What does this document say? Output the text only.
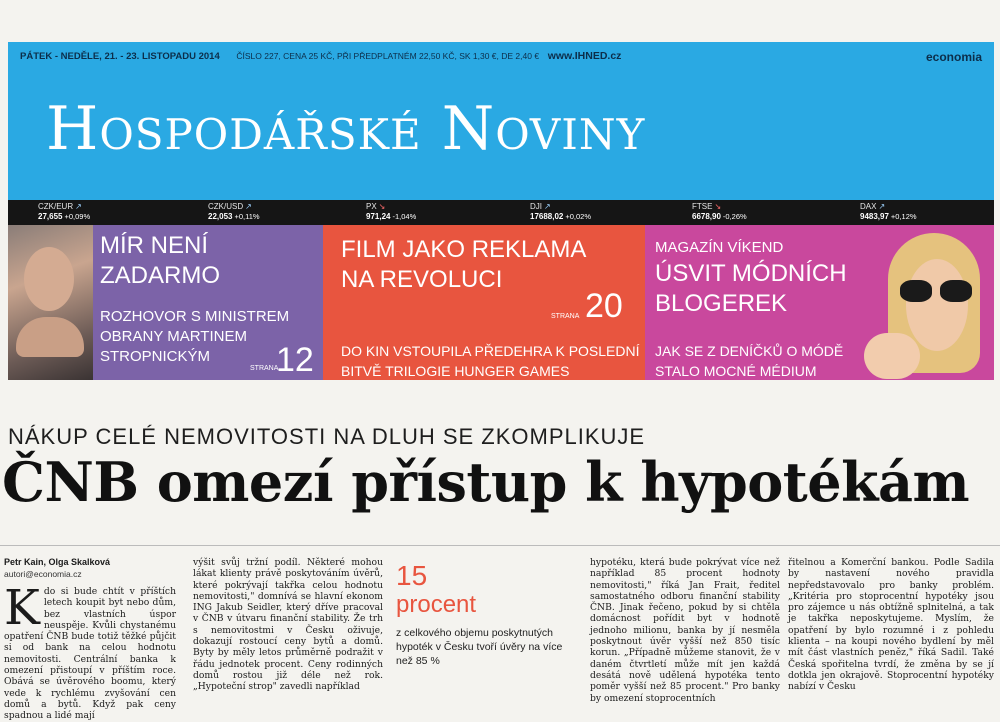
PÁTEK - NEDĚLE, 21. - 23. LISTOPADU 2014 ČÍSLO 227, CENA 25 KČ, PŘI PŘEDPLATNÉM 22,50 KČ, SK 1,30 €, DE 2,40 € www.IHNED.cz	economia
Hospodářské Noviny
CZK/EUR ↗
27,655 +0,09%
CZK/USD ↗
22,053 +0,11%
PX ↘
971,24 -1,04%
DJI ↗
17688,02 +0,02%
FTSE ↘
6678,90 -0,26%
DAX ↗
9483,97 +0,12%
MÍR NENÍ
ZADARMO
ROZHOVOR S MINISTREM
OBRANY MARTINEM
STROPNICKÝM
STRANA
12
FILM JAKO REKLAMA
NA REVOLUCI
STRANA 20
DO KIN VSTOUPILA PŘEDEHRA K POSLEDNÍ
BITVĚ TRILOGIE HUNGER GAMES
MAGAZÍN VÍKEND
ÚSVIT MÓDNÍCH
BLOGEREK
JAK SE Z DENÍČKŮ O MÓDĚ
STALO MOCNÉ MÉDIUM
NÁKUP CELÉ NEMOVITOSTI NA DLUH SE ZKOMPLIKUJE
ČNB omezí přístup k hypotékám
Petr Kain, Olga Skalková
autori@economia.cz
Kdo si bude chtít v příštích letech koupit byt nebo dům, bez vlastních úspor neuspěje. Kvůli chystanému opatření ČNB bude totiž těžké půjčit si od bank na celou hodnotu nemovitosti. Centrální banka k omezení přistoupí v příštím roce. Obává se úvěrového boomu, který vede k rychlému zvyšování cen domů a bytů. Když pak ceny spadnou a lidé mají
výšit svůj tržní podíl. Některé mohou lákat klienty právě poskytováním úvěrů, které pokrývají takřka celou hodnotu nemovitosti," domnívá se hlavní ekonom ING Jakub Seidler, který dříve pracoval v ČNB v útvaru finanční stability. Že trh s nemovitostmi v Česku oživuje, dokazují rostoucí ceny bytů a domů. Byty by měly letos průměrně podražit v řádu jednotek procent. Ceny rodinných domů rostou již déle než rok. „Hypoteční strop" zavedli například
15
procent
z celkového objemu poskytnutých hypoték v Česku tvoří úvěry na více než 85 %
hypotéku, která bude pokrývat více než například 85 procent hodnoty nemovitosti," říká Jan Frait, ředitel samostatného odboru finanční stability ČNB. Jinak řečeno, pokud by si chtěla domácnost pořídit byt v hodnotě jednoho milionu, banka by jí nesměla poskytnout úvěr vyšší než 850 tisíc korun. „Případně můžeme stanovit, že v daném čtvrtletí může mít jen každá desátá nově udělená hypotéka tento poměr vyšší než 85 procent." Pro banky by omezení stoprocentních
řitelnou a Komerční bankou. Podle Sadila by nastavení nového pravidla nepředstavovalo pro banky problém. „Kritéria pro stoprocentní hypotéky jsou pro zájemce u nás obtížně splnitelná, a tak je takřka neposkytujeme. Myslím, že opatření by bylo rozumné i z pohledu klienta – na koupi nového bydlení by měl mít část vlastních peněz," říká Sadil. Také Česká spořitelna tvrdí, že změna by se jí dotkla jen okrajově. Stoprocentní hypotéky nabízí v Česku
